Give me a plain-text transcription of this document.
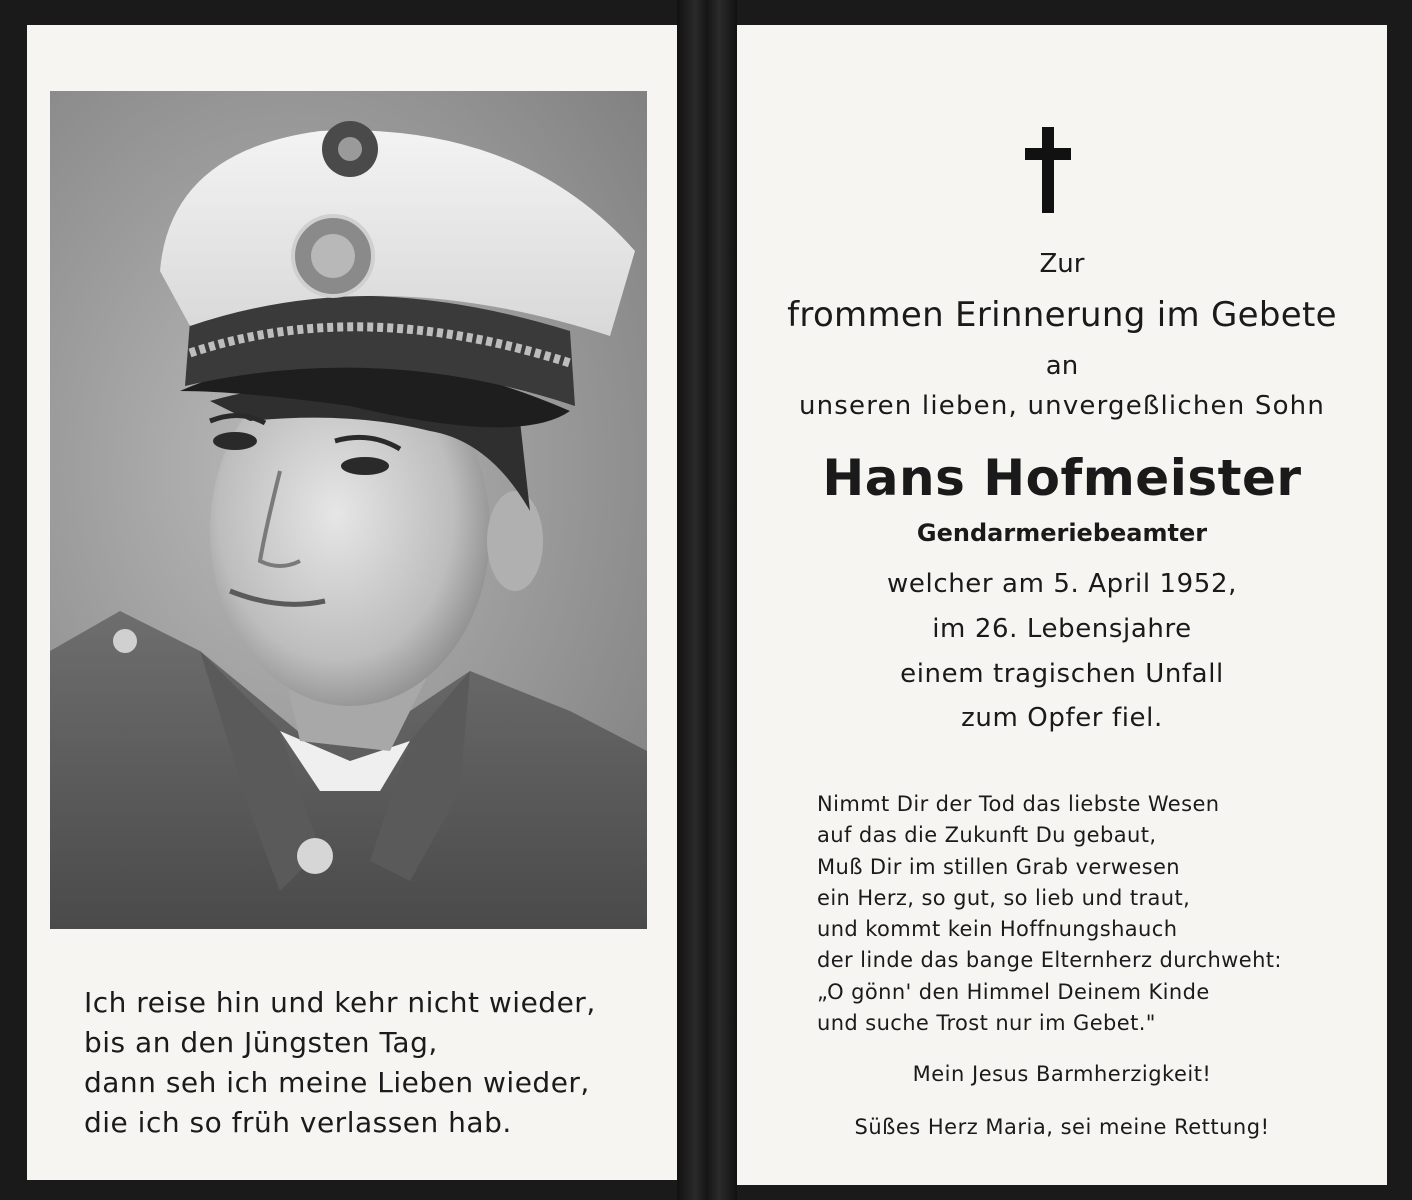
Ich reise hin und kehr nicht wieder,
bis an den Jüngsten Tag,
dann seh ich meine Lieben wieder,
die ich so früh verlassen hab.
Zur
frommen Erinnerung im Gebete
an
unseren lieben, unvergeßlichen Sohn
Hans Hofmeister
Gendarmeriebeamter
welcher am 5. April 1952,
im 26. Lebensjahre
einem tragischen Unfall
zum Opfer fiel.
Nimmt Dir der Tod das liebste Wesen
auf das die Zukunft Du gebaut,
Muß Dir im stillen Grab verwesen
ein Herz, so gut, so lieb und traut,
und kommt kein Hoffnungshauch
der linde das bange Elternherz durchweht:
„O gönn' den Himmel Deinem Kinde
und suche Trost nur im Gebet."
Mein Jesus Barmherzigkeit!
Süßes Herz Maria, sei meine Rettung!
